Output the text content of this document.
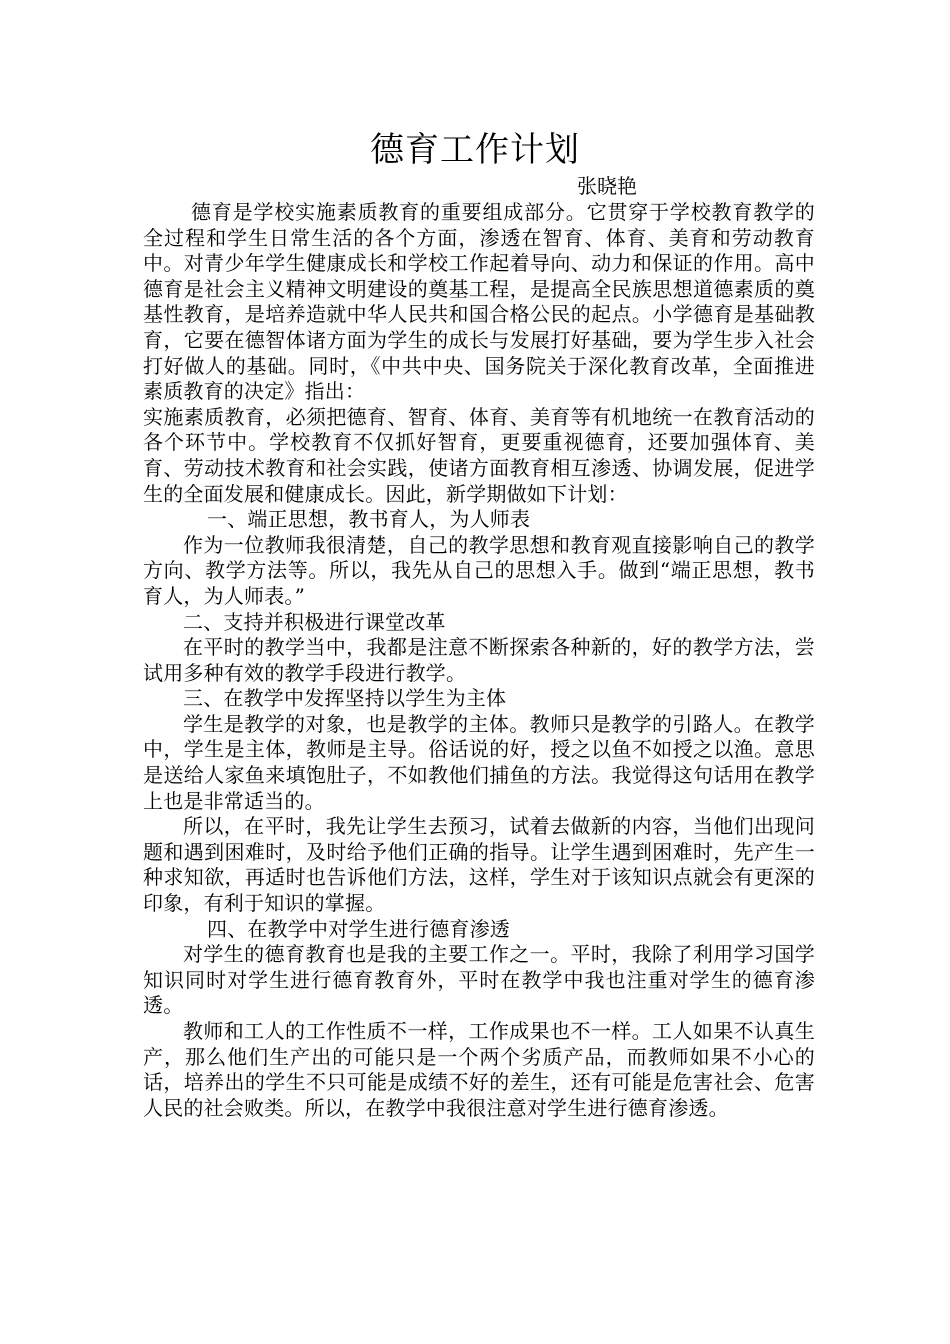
德育工作计划
张晓艳

德育是学校实施素质教育的重要组成部分。它贯穿于学校教育教学的全过程和学生日常生活的各个方面，渗透在智育、体育、美育和劳动教育中。对青少年学生健康成长和学校工作起着导向、动力和保证的作用。高中德育是社会主义精神文明建设的奠基工程，是提高全民族思想道德素质的奠基性教育，是培养造就中华人民共和国合格公民的起点。小学德育是基础教育，它要在德智体诸方面为学生的成长与发展打好基础，要为学生步入社会打好做人的基础。同时，《中共中央、国务院关于深化教育改革，全面推进素质教育的决定》指出：

实施素质教育，必须把德育、智育、体育、美育等有机地统一在教育活动的各个环节中。学校教育不仅抓好智育，更要重视德育，还要加强体育、美育、劳动技术教育和社会实践，使诸方面教育相互渗透、协调发展，促进学生的全面发展和健康成长。因此，新学期做如下计划：

一、端正思想，教书育人，为人师表

作为一位教师我很清楚，自己的教学思想和教育观直接影响自己的教学方向、教学方法等。所以，我先从自己的思想入手。做到“端正思想，教书育人，为人师表。”

二、支持并积极进行课堂改革

在平时的教学当中，我都是注意不断探索各种新的，好的教学方法，尝试用多种有效的教学手段进行教学。

三、在教学中发挥坚持以学生为主体

学生是教学的对象，也是教学的主体。教师只是教学的引路人。在教学中，学生是主体，教师是主导。俗话说的好，授之以鱼不如授之以渔。意思是送给人家鱼来填饱肚子，不如教他们捕鱼的方法。我觉得这句话用在教学上也是非常适当的。

所以，在平时，我先让学生去预习，试着去做新的内容，当他们出现问题和遇到困难时，及时给予他们正确的指导。让学生遇到困难时，先产生一种求知欲，再适时也告诉他们方法，这样，学生对于该知识点就会有更深的印象，有利于知识的掌握。

四、在教学中对学生进行德育渗透

对学生的德育教育也是我的主要工作之一。平时，我除了利用学习国学知识同时对学生进行德育教育外，平时在教学中我也注重对学生的德育渗透。

教师和工人的工作性质不一样，工作成果也不一样。工人如果不认真生产，那么他们生产出的可能只是一个两个劣质产品，而教师如果不小心的话，培养出的学生不只可能是成绩不好的差生，还有可能是危害社会、危害人民的社会败类。所以，在教学中我很注意对学生进行德育渗透。
